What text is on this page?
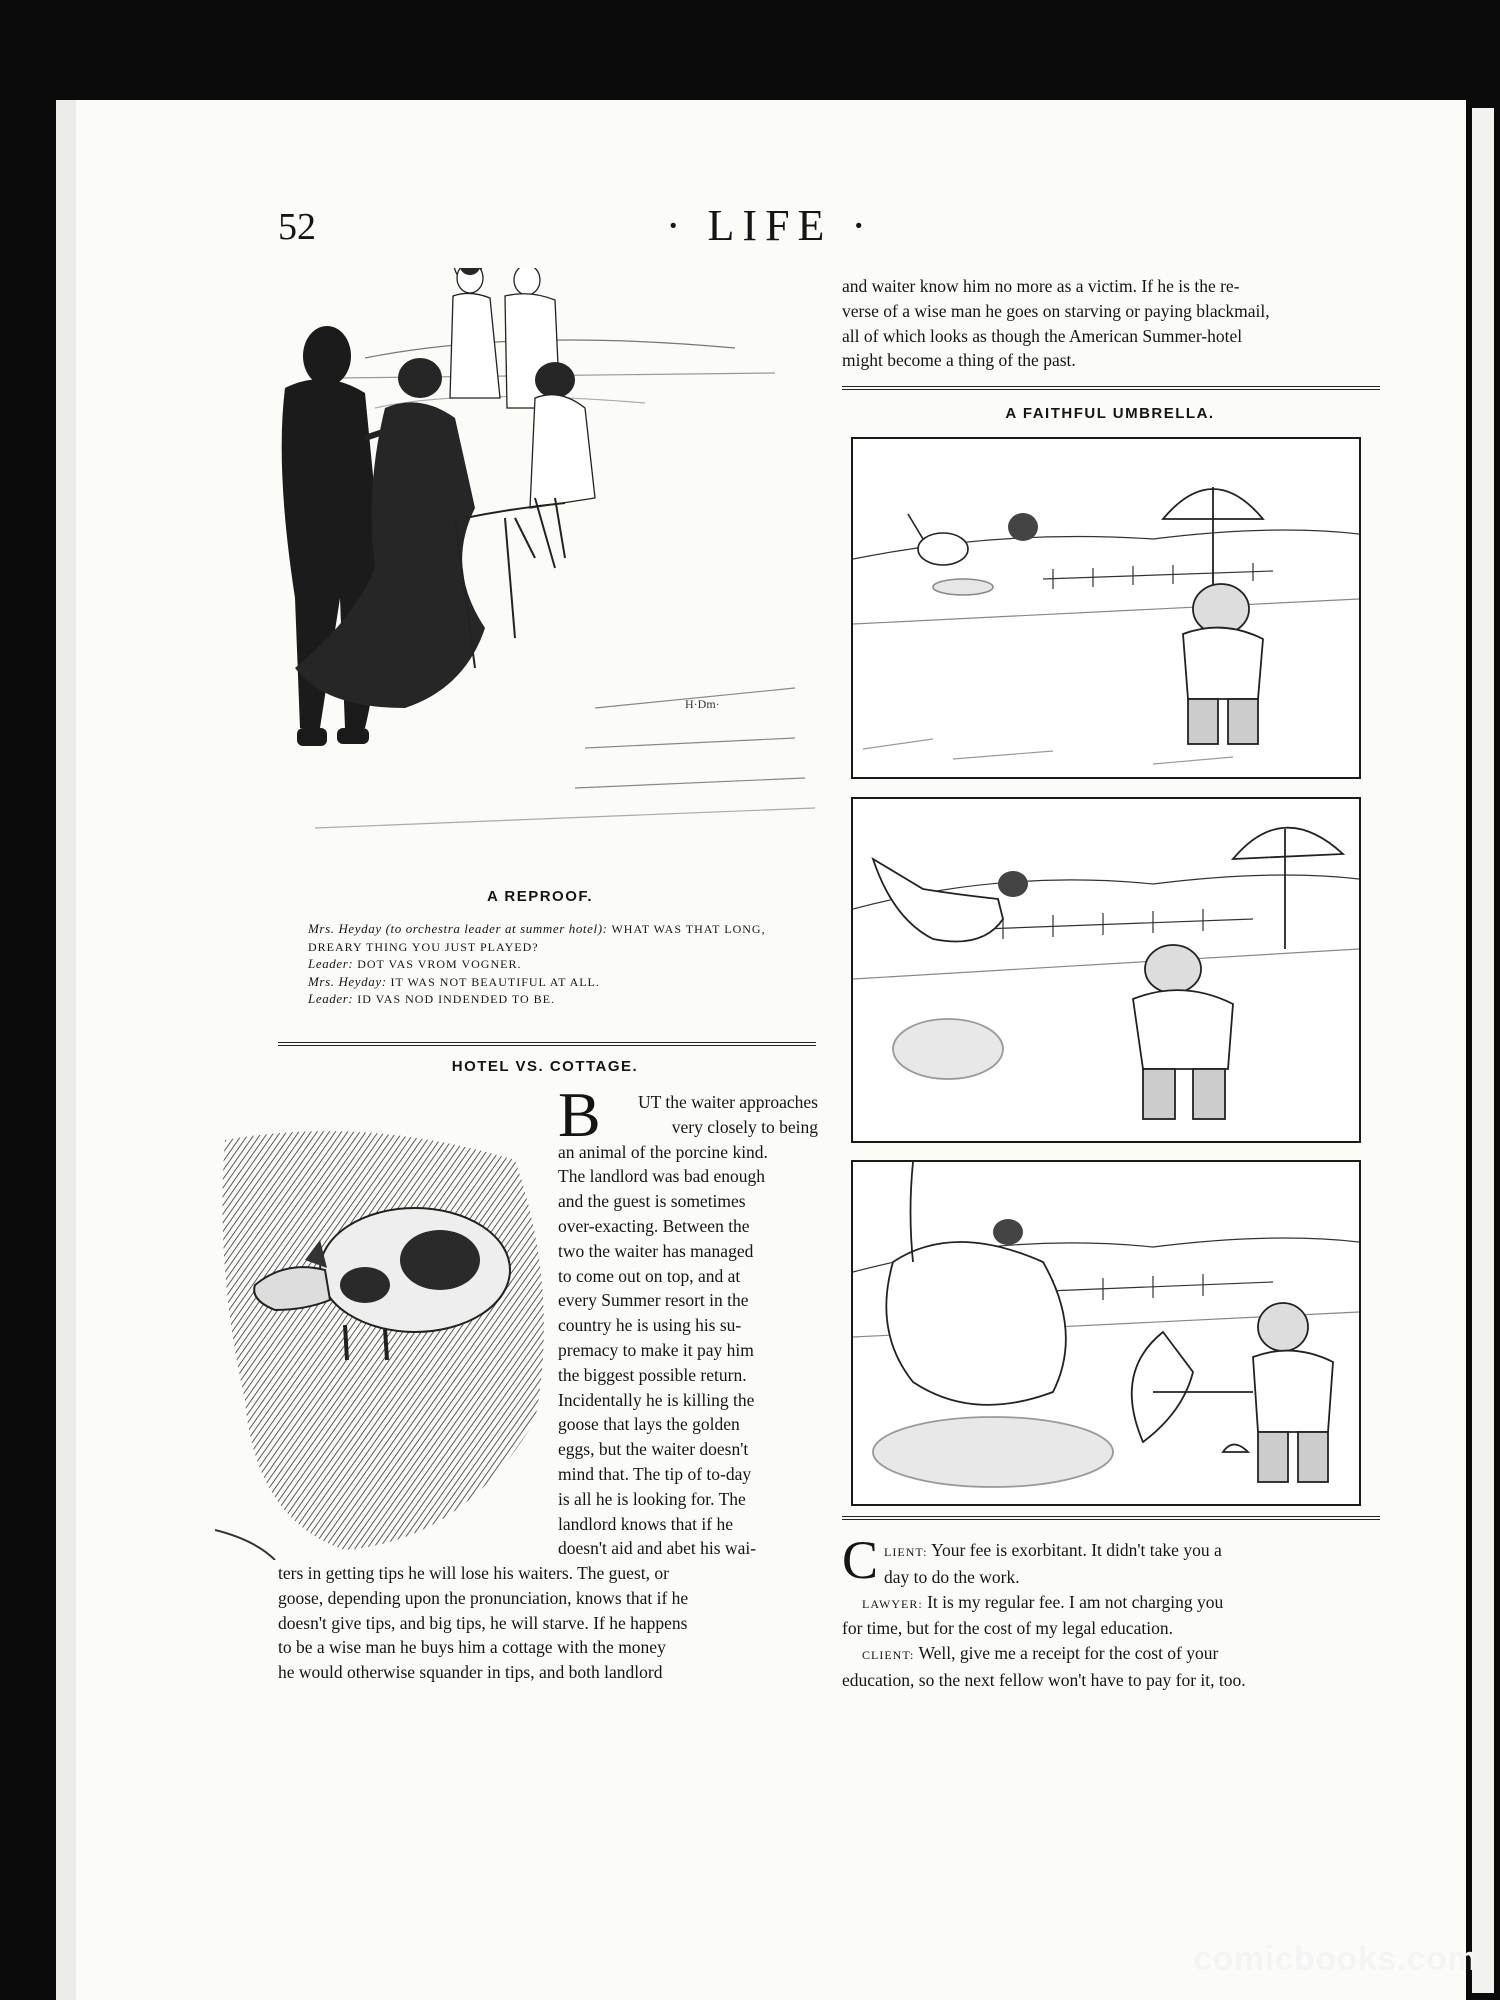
52	· LIFE ·
H·Dm·
A REPROOF.
Mrs. Heyday (to orchestra leader at summer hotel): WHAT WAS THAT LONG, DREARY THING YOU JUST PLAYED?
Leader: DOT VAS VROM VOGNER.
Mrs. Heyday: IT WAS NOT BEAUTIFUL AT ALL.
Leader: ID VAS NOD INDENDED TO BE.
HOTEL VS. COTTAGE.
B	UT the waiter approaches
very closely to being
an animal of the porcine kind.
The landlord was bad enough
and the guest is sometimes
over-exacting. Between the
two the waiter has managed
to come out on top, and at
every Summer resort in the
country he is using his su-
premacy to make it pay him
the biggest possible return.
Incidentally he is killing the
goose that lays the golden
eggs, but the waiter doesn't
mind that. The tip of to-day
is all he is looking for. The
landlord knows that if he
doesn't aid and abet his wai-
ters in getting tips he will lose his waiters. The guest, or
goose, depending upon the pronunciation, knows that if he
doesn't give tips, and big tips, he will starve. If he happens
to be a wise man he buys him a cottage with the money
he would otherwise squander in tips, and both landlord
and waiter know him no more as a victim. If he is the re-
verse of a wise man he goes on starving or paying blackmail,
all of which looks as though the American Summer-hotel
might become a thing of the past.
A FAITHFUL UMBRELLA.
C LIENT: Your fee is exorbitant. It didn't take you a
day to do the work.
LAWYER: It is my regular fee. I am not charging you
for time, but for the cost of my legal education.
CLIENT: Well, give me a receipt for the cost of your
education, so the next fellow won't have to pay for it, too.
comicbooks.com
